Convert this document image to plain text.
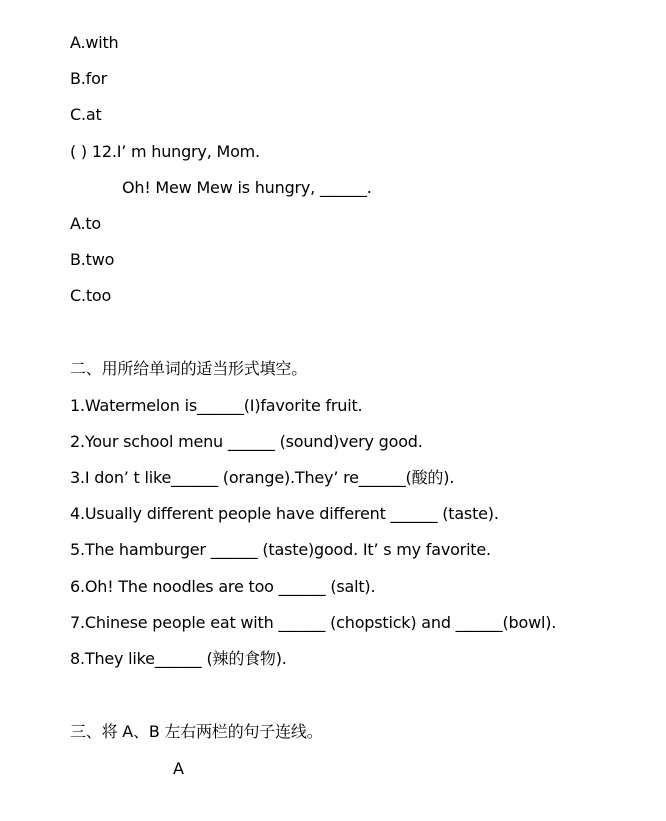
A.with
B.for
C.at
( ) 12.I’ m hungry, Mom.
Oh! Mew Mew is hungry, ______.
A.to
B.two
C.too
二、用所给单词的适当形式填空。
1.Watermelon is______(I)favorite fruit.
2.Your school menu ______ (sound)very good.
3.I don’ t like______ (orange).They’ re______(酸的).
4.Usually different people have different ______ (taste).
5.The hamburger ______ (taste)good. It’ s my favorite.
6.Oh! The noodles are too ______ (salt).
7.Chinese people eat with ______ (chopstick) and ______(bowl).
8.They like______ (辣的食物).
三、将 A、B 左右两栏的句子连线。
A
